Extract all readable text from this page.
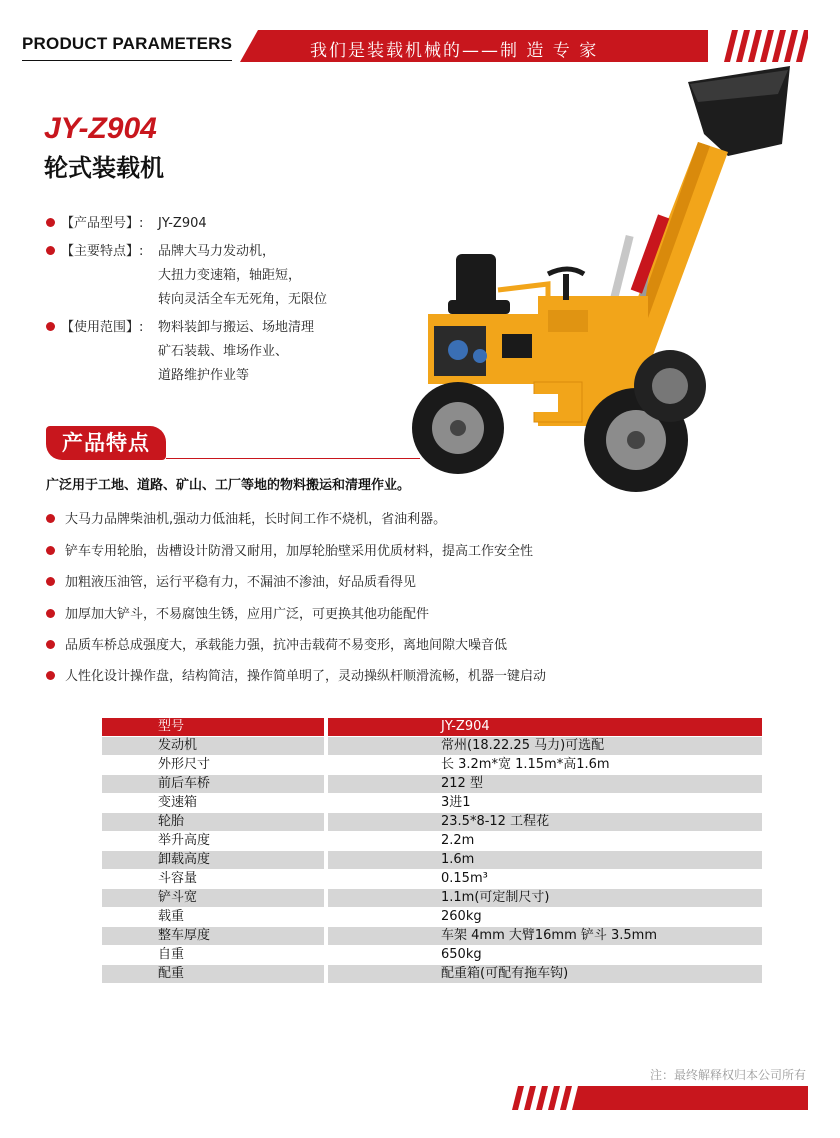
PRODUCT PARAMETERS	我们是装载机械的——制 造 专 家
JY-Z904
轮式装载机
【产品型号】: JY-Z904
【主要特点】: 品牌大马力发动机，
大扭力变速箱，轴距短，
转向灵活全车无死角，无限位
【使用范围】: 物料装卸与搬运、场地清理
矿石装载、堆场作业、
道路维护作业等
产品特点
广泛用于工地、道路、矿山、工厂等地的物料搬运和清理作业。
大马力品牌柴油机,强动力低油耗，长时间工作不烧机，省油利器。
铲车专用轮胎，齿槽设计防滑又耐用，加厚轮胎壁采用优质材料，提高工作安全性
加粗液压油管，运行平稳有力，不漏油不渗油，好品质看得见
加厚加大铲斗，不易腐蚀生锈，应用广泛，可更换其他功能配件
品质车桥总成强度大，承载能力强，抗冲击载荷不易变形，离地间隙大噪音低
人性化设计操作盘，结构简洁，操作简单明了，灵动操纵杆顺滑流畅，机器一键启动
型号	JY-Z904
发动机	常州(18.22.25 马力)可选配
外形尺寸	长 3.2m*宽 1.15m*高1.6m
前后车桥	212 型
变速箱	3进1
轮胎	23.5*8-12 工程花
举升高度	2.2m
卸载高度	1.6m
斗容量	0.15m³
铲斗宽	1.1m(可定制尺寸)
载重	260kg
整车厚度	车架 4mm 大臂16mm 铲斗 3.5mm
自重	650kg
配重	配重箱(可配有拖车钩)
注：最终解释权归本公司所有
